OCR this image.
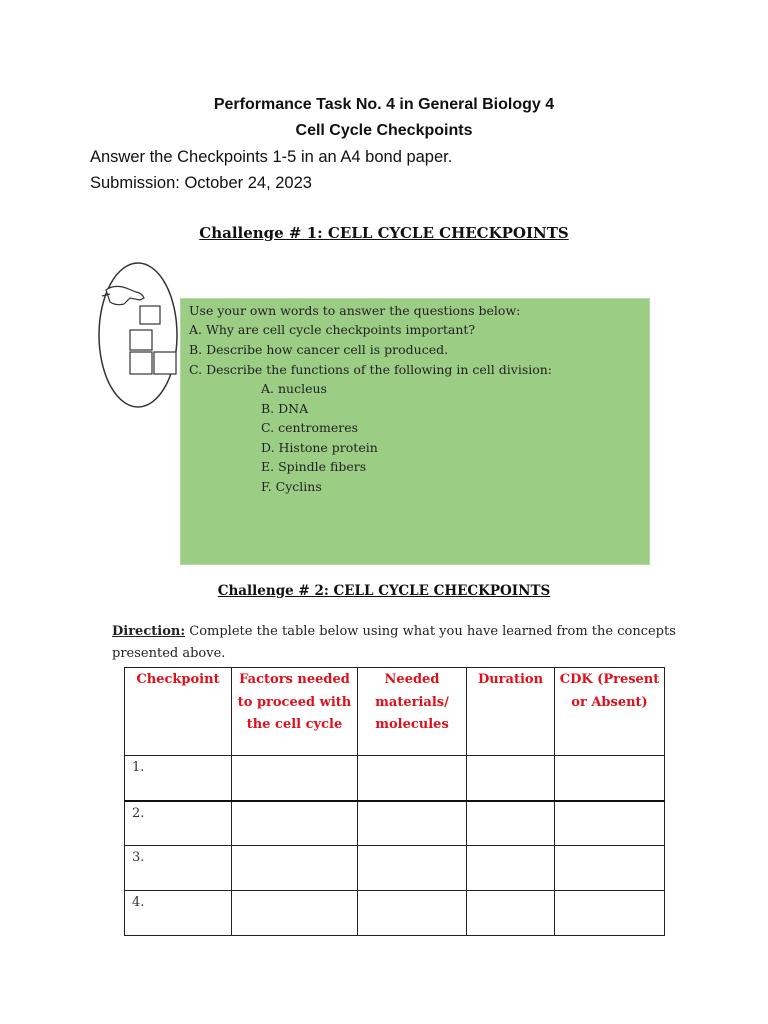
Performance Task No. 4 in General Biology 4
Cell Cycle Checkpoints
Answer the Checkpoints 1-5 in an A4 bond paper.
Submission: October 24, 2023
Challenge # 1: CELL CYCLE CHECKPOINTS
Use your own words to answer the questions below:
A. Why are cell cycle checkpoints important?
B. Describe how cancer cell is produced.
C. Describe the functions of the following in cell division:
A. nucleus
B. DNA
C. centromeres
D. Histone protein
E. Spindle fibers
F. Cyclins
Challenge # 2: CELL CYCLE CHECKPOINTS
Direction: Complete the table below using what you have learned from the concepts presented above.
Checkpoint	Factors needed to proceed with the cell cycle	Needed materials/ molecules	Duration	CDK (Present or Absent)
1.				
2.				
3.				
4.				
